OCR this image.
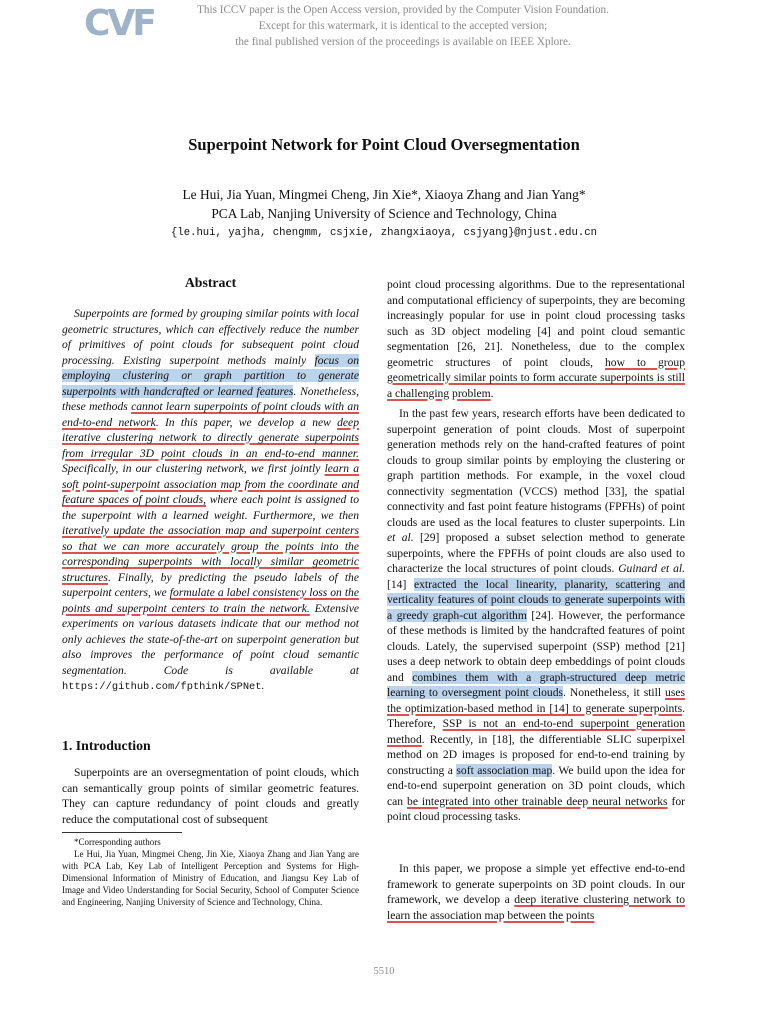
CVF	This ICCV paper is the Open Access version, provided by the Computer Vision Foundation.
Except for this watermark, it is identical to the accepted version;
the final published version of the proceedings is available on IEEE Xplore.
Superpoint Network for Point Cloud Oversegmentation
Le Hui, Jia Yuan, Mingmei Cheng, Jin Xie*, Xiaoya Zhang and Jian Yang*
PCA Lab, Nanjing University of Science and Technology, China
{le.hui, yajha, chengmm, csjxie, zhangxiaoya, csjyang}@njust.edu.cn
Abstract

Superpoints are formed by grouping similar points with local geometric structures, which can effectively reduce the number of primitives of point clouds for subsequent point cloud processing. Existing superpoint methods mainly focus on employing clustering or graph partition to generate superpoints with handcrafted or learned features. Nonetheless, these methods cannot learn superpoints of point clouds with an end-to-end network. In this paper, we develop a new deep iterative clustering network to directly generate superpoints from irregular 3D point clouds in an end-to-end manner. Specifically, in our clustering network, we first jointly learn a soft point-superpoint association map from the coordinate and feature spaces of point clouds, where each point is assigned to the superpoint with a learned weight. Furthermore, we then iteratively update the association map and superpoint centers so that we can more accurately group the points into the corresponding superpoints with locally similar geometric structures. Finally, by predicting the pseudo labels of the superpoint centers, we formulate a label consistency loss on the points and superpoint centers to train the network. Extensive experiments on various datasets indicate that our method not only achieves the state-of-the-art on superpoint generation but also improves the performance of point cloud semantic segmentation. Code is available at https://github.com/fpthink/SPNet.

1. Introduction

Superpoints are an oversegmentation of point clouds, which can semantically group points of similar geometric features. They can capture redundancy of point clouds and greatly reduce the computational cost of subsequent

*Corresponding authors
Le Hui, Jia Yuan, Mingmei Cheng, Jin Xie, Xiaoya Zhang and Jian Yang are with PCA Lab, Key Lab of Intelligent Perception and Systems for High-Dimensional Information of Ministry of Education, and Jiangsu Key Lab of Image and Video Understanding for Social Security, School of Computer Science and Engineering, Nanjing University of Science and Technology, China.

point cloud processing algorithms. Due to the representational and computational efficiency of superpoints, they are becoming increasingly popular for use in point cloud processing tasks such as 3D object modeling [4] and point cloud semantic segmentation [26, 21]. Nonetheless, due to the complex geometric structures of point clouds, how to group geometrically similar points to form accurate superpoints is still a challenging problem.

In the past few years, research efforts have been dedicated to superpoint generation of point clouds. Most of superpoint generation methods rely on the hand-crafted features of point clouds to group similar points by employing the clustering or graph partition methods. For example, in the voxel cloud connectivity segmentation (VCCS) method [33], the spatial connectivity and fast point feature histograms (FPFHs) of point clouds are used as the local features to cluster superpoints. Lin et al. [29] proposed a subset selection method to generate superpoints, where the FPFHs of point clouds are also used to characterize the local structures of point clouds. Guinard et al. [14] extracted the local linearity, planarity, scattering and verticality features of point clouds to generate superpoints with a greedy graph-cut algorithm [24]. However, the performance of these methods is limited by the handcrafted features of point clouds. Lately, the supervised superpoint (SSP) method [21] uses a deep network to obtain deep embeddings of point clouds and combines them with a graph-structured deep metric learning to oversegment point clouds. Nonetheless, it still uses the optimization-based method in [14] to generate superpoints. Therefore, SSP is not an end-to-end superpoint generation method. Recently, in [18], the differentiable SLIC superpixel method on 2D images is proposed for end-to-end training by constructing a soft association map. We build upon the idea for end-to-end superpoint generation on 3D point clouds, which can be integrated into other trainable deep neural networks for point cloud processing tasks.

In this paper, we propose a simple yet effective end-to-end framework to generate superpoints on 3D point clouds. In our framework, we develop a deep iterative clustering network to learn the association map between the points

5510
